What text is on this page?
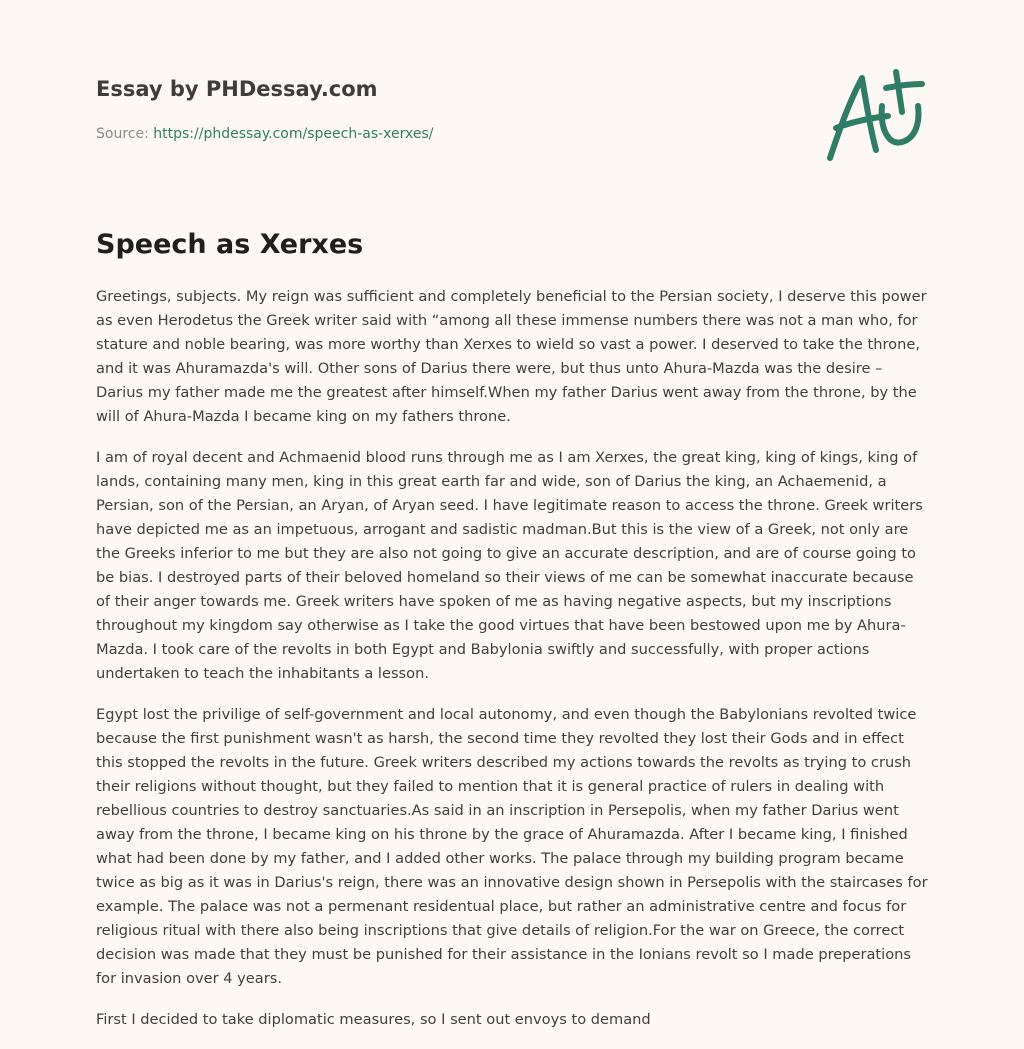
Essay by PHDessay.com
Source: https://phdessay.com/speech-as-xerxes/
Speech as Xerxes

Greetings, subjects. My reign was sufficient and completely beneficial to the Persian society, I deserve this power as even Herodetus the Greek writer said with “among all these immense numbers there was not a man who, for stature and noble bearing, was more worthy than Xerxes to wield so vast a power. I deserved to take the throne, and it was Ahuramazda's will. Other sons of Darius there were, but thus unto Ahura-Mazda was the desire – Darius my father made me the greatest after himself.When my father Darius went away from the throne, by the will of Ahura-Mazda I became king on my fathers throne.

I am of royal decent and Achmaenid blood runs through me as I am Xerxes, the great king, king of kings, king of lands, containing many men, king in this great earth far and wide, son of Darius the king, an Achaemenid, a Persian, son of the Persian, an Aryan, of Aryan seed. I have legitimate reason to access the throne. Greek writers have depicted me as an impetuous, arrogant and sadistic madman.But this is the view of a Greek, not only are the Greeks inferior to me but they are also not going to give an accurate description, and are of course going to be bias. I destroyed parts of their beloved homeland so their views of me can be somewhat inaccurate because of their anger towards me. Greek writers have spoken of me as having negative aspects, but my inscriptions throughout my kingdom say otherwise as I take the good virtues that have been bestowed upon me by Ahura-Mazda. I took care of the revolts in both Egypt and Babylonia swiftly and successfully, with proper actions undertaken to teach the inhabitants a lesson.

Egypt lost the privilige of self-government and local autonomy, and even though the Babylonians revolted twice because the first punishment wasn't as harsh, the second time they revolted they lost their Gods and in effect this stopped the revolts in the future. Greek writers described my actions towards the revolts as trying to crush their religions without thought, but they failed to mention that it is general practice of rulers in dealing with rebellious countries to destroy sanctuaries.As said in an inscription in Persepolis, when my father Darius went away from the throne, I became king on his throne by the grace of Ahuramazda. After I became king, I finished what had been done by my father, and I added other works. The palace through my building program became twice as big as it was in Darius's reign, there was an innovative design shown in Persepolis with the staircases for example. The palace was not a permenant residentual place, but rather an administrative centre and focus for religious ritual with there also being inscriptions that give details of religion.For the war on Greece, the correct decision was made that they must be punished for their assistance in the Ionians revolt so I made preperations for invasion over 4 years.

First I decided to take diplomatic measures, so I sent out envoys to demand
